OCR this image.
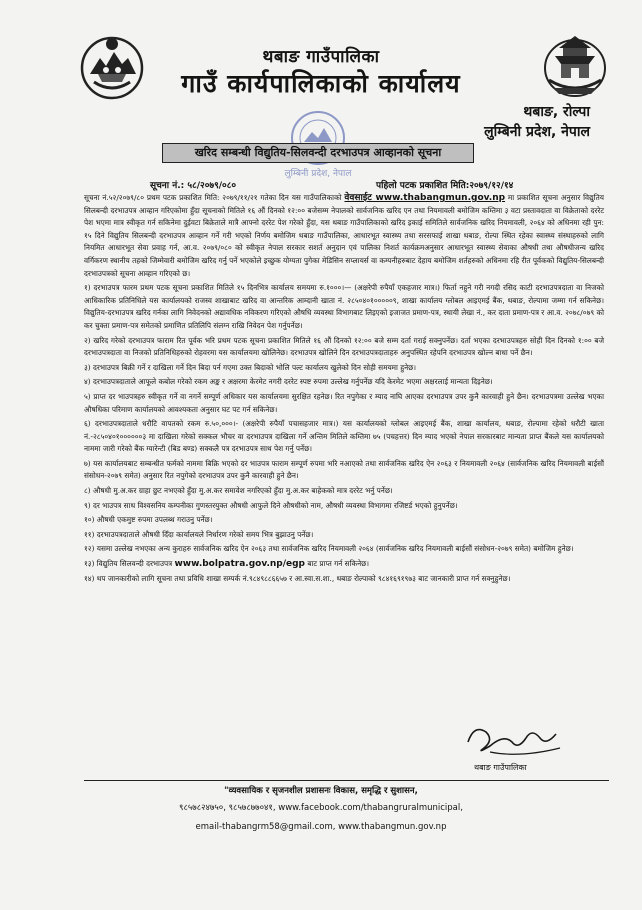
थबाङ गाउँपालिका
गाउँ कार्यपालिकाको कार्यालय
थबाङ, रोल्पा
लुम्बिनी प्रदेश, नेपाल
लुम्बिनी प्रदेश, नेपाल
खरिद सम्बन्धी विद्युतिय-सिलवन्दी दरभाउपत्र आव्हानको सूचना
सूचना नं.: ५८/२०७९/०८०	पहिलो पटक प्रकाशित मिति:२०७९/१२/१४

सूचना नं.५२/२०७९/८० प्रथम पटक प्रकाशित मिति: २०७९/११/२१ गतेका दिन यस गाउँपालिकाको वेवसाईट www.thabangmun.gov.np मा प्रकाशित सूचना अनुसार विद्युतिय सिलबन्दी दरभाउपत्र आव्हान गरिएकोमा हुँदा सूचनाको मितिले १६ औं दिनको १२:०० बजेसम्म नेपालको सार्वजनिक खरिद एन तथा नियमावली बमोजिम कम्तिमा ३ वटा प्रस्तावदाता वा विक्रेताको दररेट पेश भएमा मात्र स्वीकृत गर्न सकिनेमा दुईवटा बिक्रेताले मात्रै आफ्नो दररेट पेश गरेको हुँदा, यस थबाङ गाउँपालिकाको खरिद इकाई समितिले सार्वजनिक खरिद नियमावली, २०६४ को अधिनमा रही पुन: १५ दिने विद्युतिय सिलबन्दी दरभाउपत्र आव्हान गर्ने गरी भएको निर्णय बमोजिम थबाङ गाउँपालिका, आधारभूत स्वास्थ्य तथा सरसफाई शाखा थबाङ, रोल्पा स्थित रहेका स्वास्थ्य संस्थाहरुको लागि नियमित आधारभूत सेवा प्रवाह गर्न, आ.व. २०७९/०८० को स्वीकृत नेपाल सरकार सशर्त अनुदान एवं पालिका निशर्त कार्यक्रमअनुसार आधारभूत स्वास्थ्य सेवाका औषधी तथा औषधीजन्य खरिद वर्गिकरण स्थानीय तहको जिम्मेवारी बमोजिम खरिद गर्नु पर्ने भएकोले इच्छुक योग्यता पुगेका मेडिसिन सप्लायर्स वा कम्पनीहरुबाट देहाय बमोजिम शर्तहरुको अधिनमा रहि रीत पूर्वकको विद्युतिय-सिलबन्दी दरभाउपत्रको सूचना आव्हान गरिएको छ।

१) दरभाउपत्र फारम प्रथम पटक सूचना प्रकाशित मितिले १५ दिनभित्र कार्यालय समयमा रु.१०००।— (अक्षरेपी रुपैयाँ एकहजार मात्र।) फिर्ता नहुने गरी नगदी रसिद काटी दरभाउपत्रदाता वा निजको आधिकारिक प्रतिनिधिले यस कार्यालयको राजस्व शाखाबाट खरिद वा आन्तरिक आम्दानी खाता नं. २८५०४०१०००००९, शाखा कार्यालय ग्लोबल आइएमई बैंक, थबाङ, रोल्पामा जम्मा गर्न सकिनेछ। विद्युतिय-दरभाउपत्र खरिद गर्नका लागि निवेदनको अद्यावधिक नविकरण गरिएको औषधि व्यवस्था विभागबाट लिइएको इजाजत प्रमाण-पत्र, स्थायी लेखा नं., कर दाता प्रमाण-पत्र र आ.व. २०७८/०७९ को कर चुक्ता प्रमाण-पत्र समेतको प्रमाणित प्रतिलिपि संलग्न राखि निवेदन पेश गर्नुपर्नेछ।

२) खरिद गरेको दरभाउपत्र फाराम रित पूर्वक भरि प्रथम पटक सूचना प्रकाशित मितिले १६ औं दिनको १२:०० बजे सम्म दर्ता गराई सक्नुपर्नेछ। दर्ता भएका दरभाउपत्रहरु सोही दिन दिनको १:०० बजे दरभाउपत्रदाता वा निजको प्रतिनिधिहरुको रोहवरमा यस कार्यालयमा खोलिनेछ। दरभाउपत्र खोलिने दिन दरभाउपत्रदाताहरु अनुपस्थित रहेपनि दरभाउपत्र खोल्न बाधा पर्ने छैन।

३) दरभाउपत्र बिक्री गर्ने र दाखिला गर्ने दिन बिदा पर्न गएमा उक्त बिदाको भोलि पल्ट कार्यालय खुलेको दिन सोही समयमा हुनेछ।

४) दरभाउपत्रदाताले आफूले कबोल गरेको रकम अङ्क र अक्षरमा केरमेट नगरी दररेट स्पष्ट रुपमा उल्लेख गर्नुपर्नेछ यदि केरमेट भएमा अक्षरलाई मान्यता दिइनेछ।

५) प्राप्त दर भाउपत्रहरु स्वीकृत गर्ने वा नगर्ने सम्पूर्ण अधिकार यस कार्यालयमा सुरक्षित रहनेछ। रित नपुगेका र म्याद नाघि आएका दरभाउपत्र उपर कुनै कारवाही हुने छैन। दरभाउपत्रमा उल्लेख भएका औषधिका परिमाण कार्यालयको आवश्यकता अनुसार घट पट गर्न सकिनेछ।

६) दरभाउपत्रदाताले धरौटि वापतको रकम रु.५०,०००।- (अक्षरेपी रुपैयाँ पचासहजार मात्र।) यस कार्यालयको ग्लोबल आइएमई बैंक, शाखा कार्यालय, थबाङ, रोल्पामा रहेको धरौटी खाता नं.-२८५०४०१००००००३ मा दाखिला गरेको सक्कल भौचर वा दरभाउपत्र दाखिला गर्ने अन्तिम मितिले कम्तिमा ७५ (पचहत्तर) दिन म्याद भएको नेपाल सरकारबाट मान्यता प्राप्त बैंकले यस कार्यालयको नाममा जारी गरेको बैंक ग्यारेन्टी (बिड बण्ड) सक्कलै पत्र दरभाउपत्र साथ पेश गर्नु पर्नेछ।

७) यस कार्यालयबाट सम्बन्धीत फर्मको नाममा बिक्रि भएको दर भाउपत्र फाराम सम्पूर्ण रुपमा भरि नआएको तथा सार्वजनिक खरिद ऐन २०६३ र नियमावली २०६४ (सार्वजनिक खरिद नियमावली बाईसौं संसोधन-२०७९ समेत) अनुसार रित नपुगेको दरभाउपत्र उपर कुनै कारवाही हुने छैन।

८) औषधी मु.अ.कर ग्राहा छुट नभएको हुँदा मु.अ.कर समावेश नगरिएको हुँदा मु.अ.कर बाहेकको मात्र दररेट भर्नु पर्नेछ।

९) दर भाउपत्र साथ विश्वसनिय कम्पनीका गुणस्तरयुक्त औषधी आफुले दिने औषधीको नाम, औषधी व्यवस्था विभागमा रजिष्टर्ड भएको हुनुपर्नेछ।

१०) औषधी एकमुष्ट रुपमा उपलब्ध गराउनु पर्नेछ।

११) दरभाउपत्रदाताले औषधी दिँदा कार्यालयले निर्धारण गरेको समय भित्र बुझाउनु पर्नेछ।

१२) यसमा उल्लेख नभएका अन्य कुराहरु सार्वजनिक खरिद ऐन २०६३ तथा सार्वजनिक खरिद नियमावली २०६४ (सार्वजनिक खरिद नियमावली बाईसौं संसोधन-२०७९ समेत) बमोजिम हुनेछ।

१३) विद्युतिय सिलवन्दी दरभाउपत्र www.bolpatra.gov.np/egp बाट प्राप्त गर्न सकिनेछ।

१४) थप जानकारीको लागि सूचना तथा प्रविधि शाखा सम्पर्क नं.९८४९८८६६५७ र आ.स्वा.स.शा., थबाङ रोल्पाको ९८४१६९१९७३ बाट जानकारी प्राप्त गर्न सक्नुहुनेछ।

थबाङ गाउँपालिका
"व्यवसायिक र सृजनशील प्रशासनः विकास, समृद्धि र सुशासन,
९८५७८२४७५०, ९८५७८७७०४१, www.facebook.com/thabangruralmunicipal,
email-thabangrm58@gmail.com, www.thabangmun.gov.np
